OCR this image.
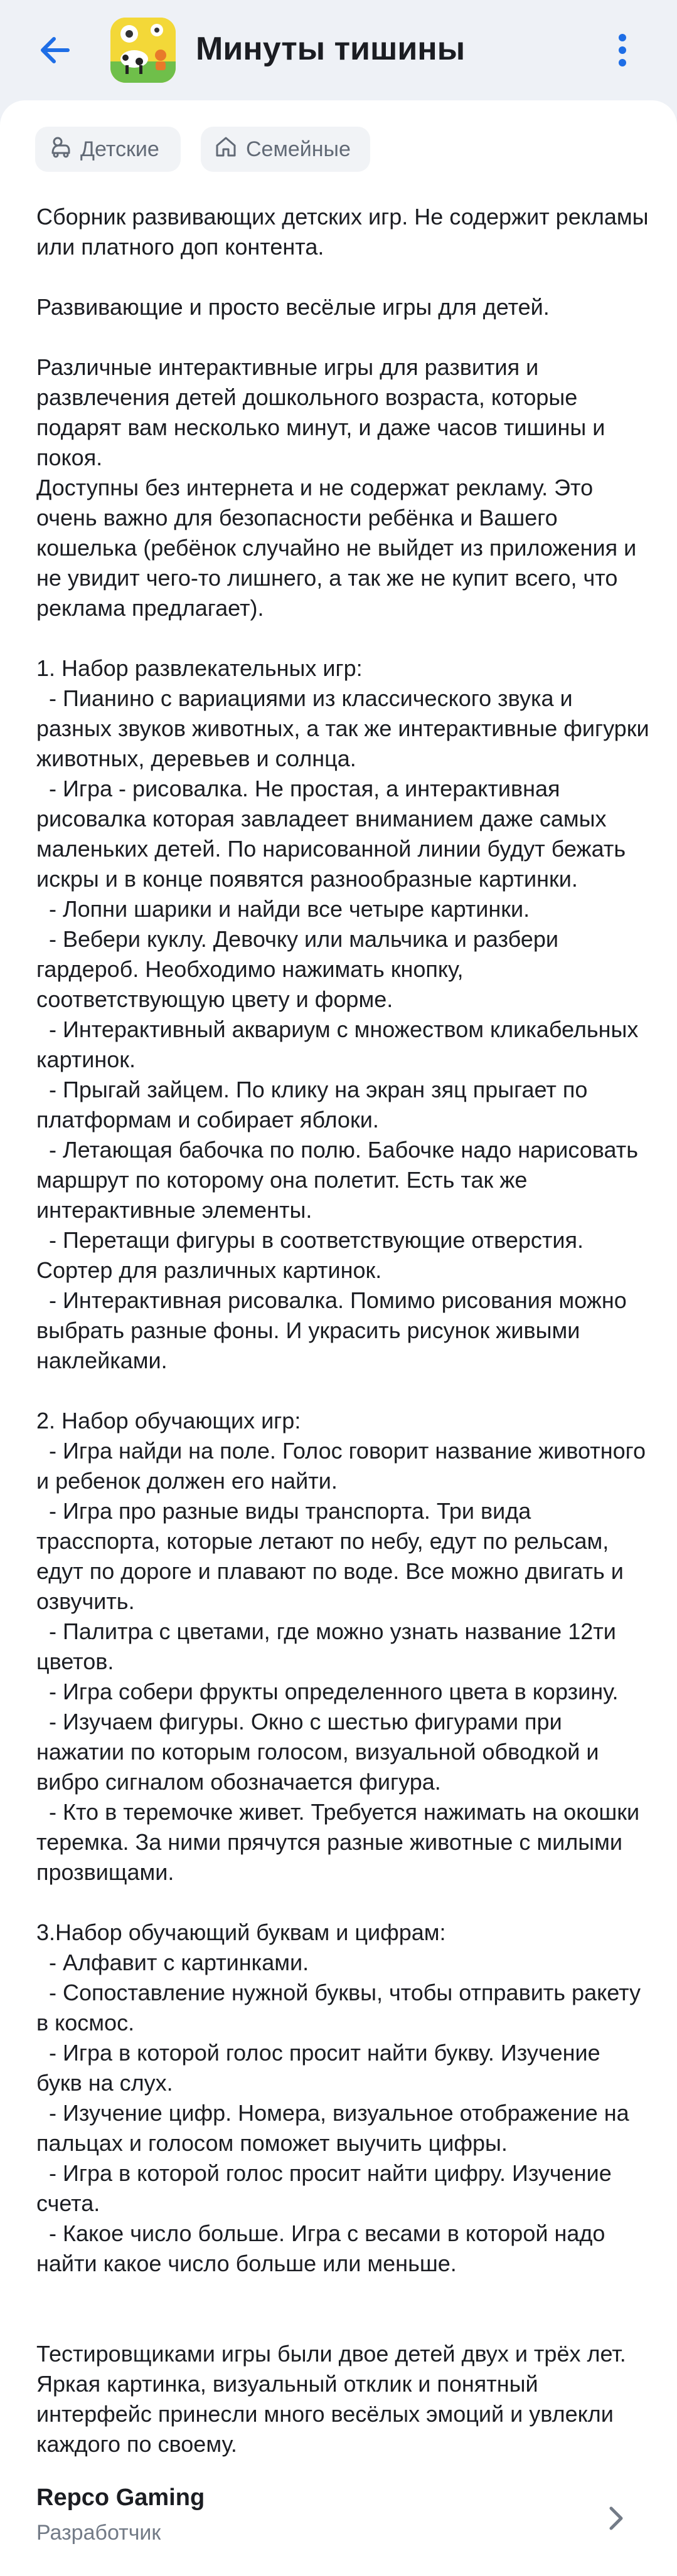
Минуты тишины
Детские	Семейные

Сборник развивающих детских игр. Не содержит рекламы или платного доп контента.

Развивающие и просто весёлые игры для детей.

Различные интерактивные игры для развития и развлечения детей дошкольного возраста, которые подарят вам несколько минут, и даже часов тишины и покоя.
Доступны без интернета и не содержат рекламу. Это очень важно для безопасности ребёнка и Вашего кошелька (ребёнок случайно не выйдет из приложения и не увидит чего-то лишнего, а так же не купит всего, что реклама предлагает).

1. Набор развлекательных игр:
- Пианино с вариациями из классического звука и разных звуков животных, а так же интерактивные фигурки животных, деревьев и солнца.
- Игра - рисовалка. Не простая, а интерактивная рисовалка которая завладеет вниманием даже самых маленьких детей. По нарисованной линии будут бежать искры и в конце появятся разнообразные картинки.
- Лопни шарики и найди все четыре картинки.
- Вебери куклу. Девочку или мальчика и разбери гардероб. Необходимо нажимать кнопку, соответствующую цвету и форме.
- Интерактивный аквариум с множеством кликабельных картинок.
- Прыгай зайцем. По клику на экран зяц прыгает по платформам и собирает яблоки.
- Летающая бабочка по полю. Бабочке надо нарисовать маршрут по которому она полетит. Есть так же интерактивные элементы.
- Перетащи фигуры в соответствующие отверстия. Сортер для различных картинок.
- Интерактивная рисовалка. Помимо рисования можно выбрать разные фоны. И украсить рисунок живыми наклейками.

2. Набор обучающих игр:
- Игра найди на поле. Голос говорит название животного и ребенок должен его найти.
- Игра про разные виды транспорта. Три вида трасспорта, которые летают по небу, едут по рельсам, едут по дороге и плавают по воде. Все можно двигать и озвучить.
- Палитра с цветами, где можно узнать название 12ти цветов.
- Игра собери фрукты определенного цвета в корзину.
- Изучаем фигуры. Окно с шестью фигурами при нажатии по которым голосом, визуальной обводкой и вибро сигналом обозначается фигура.
- Кто в теремочке живет. Требуется нажимать на окошки теремка. За ними прячутся разные животные с милыми прозвищами.

3.Набор обучающий буквам и цифрам:
- Алфавит с картинками.
- Сопоставление нужной буквы, чтобы отправить ракету в космос.
- Игра в которой голос просит найти букву. Изучение букв на слух.
- Изучение цифр. Номера, визуальное отображение на пальцах и голосом поможет выучить цифры.
- Игра в которой голос просит найти цифру. Изучение счета.
- Какое число больше. Игра с весами в которой надо найти какое число больше или меньше.

Тестировщиками игры были двое детей двух и трёх лет. Яркая картинка, визуальный отклик и понятный интерфейс принесли много весёлых эмоций и увлекли каждого по своему.

Repco Gaming
Разработчик
